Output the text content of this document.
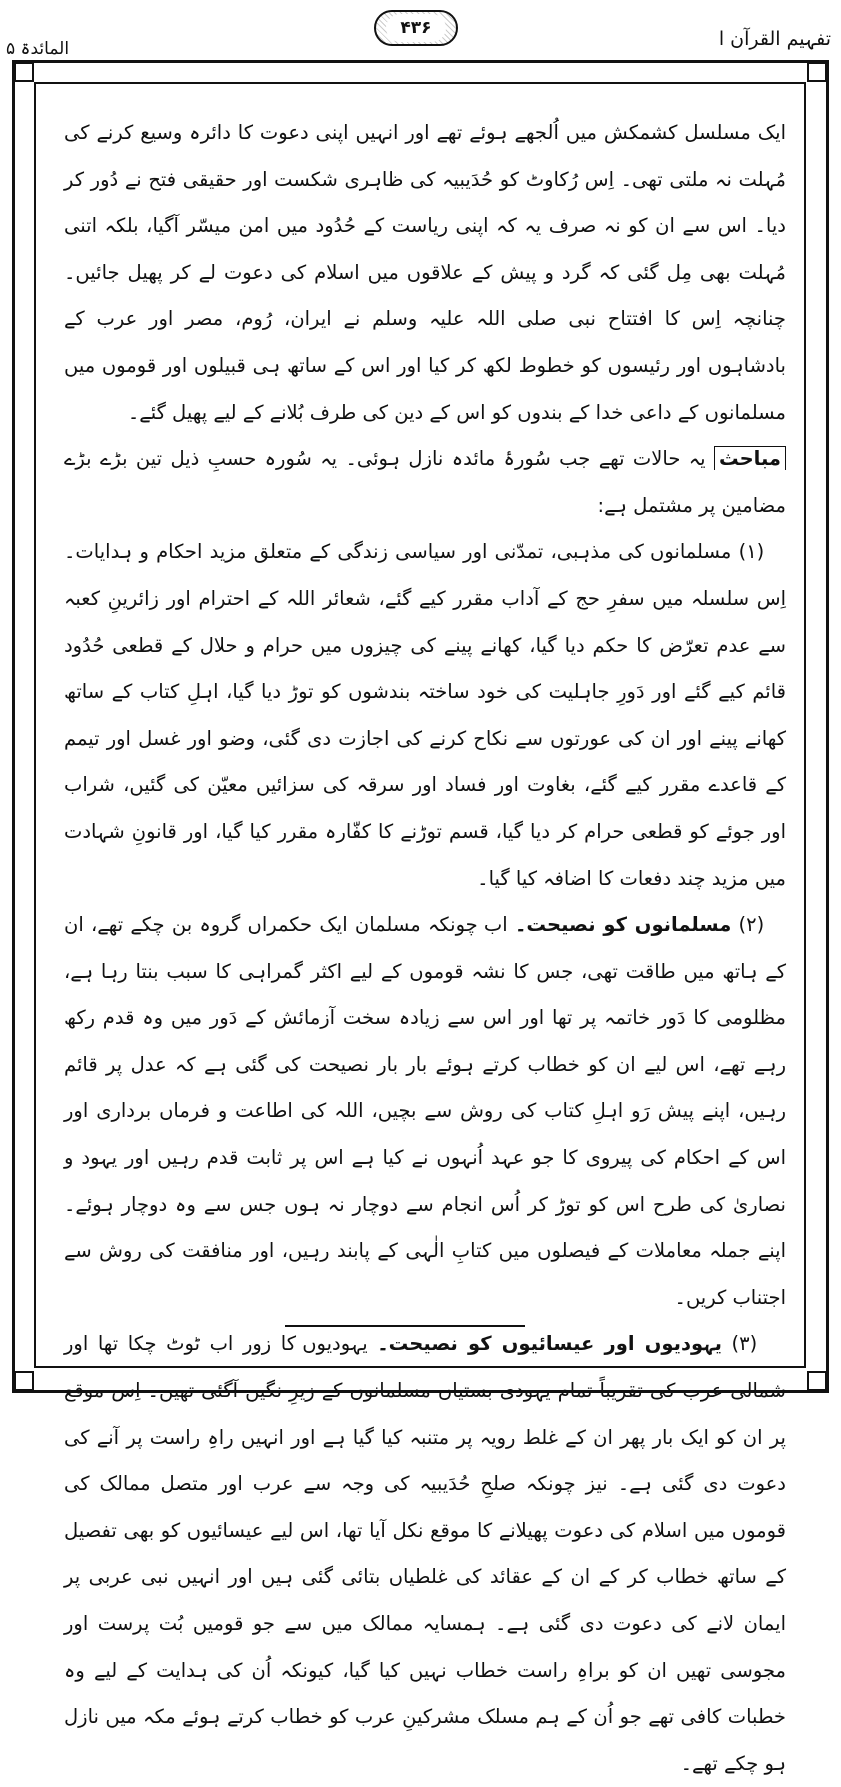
المائدۃ ۵	تفہیم القرآن ا
۴۳۶

ایک مسلسل کشمکش میں اُلجھے ہوئے تھے اور انہیں اپنی دعوت کا دائرہ وسیع کرنے کی مُہلت نہ ملتی تھی۔ اِس رُکاوٹ کو حُدَیبیہ کی ظاہری شکست اور حقیقی فتح نے دُور کر دیا۔ اس سے ان کو نہ صرف یہ کہ اپنی ریاست کے حُدُود میں امن میسّر آگیا، بلکہ اتنی مُہلت بھی مِل گئی کہ گرد و پیش کے علاقوں میں اسلام کی دعوت لے کر پھیل جائیں۔ چنانچہ اِس کا افتتاح نبی صلی اللہ علیہ وسلم نے ایران، رُوم، مصر اور عرب کے بادشاہوں اور رئیسوں کو خطوط لکھ کر کیا اور اس کے ساتھ ہی قبیلوں اور قوموں میں مسلمانوں کے داعی خدا کے بندوں کو اس کے دین کی طرف بُلانے کے لیے پھیل گئے۔

مباحث یہ حالات تھے جب سُورۂ مائدہ نازل ہوئی۔ یہ سُورہ حسبِ ذیل تین بڑے بڑے مضامین پر مشتمل ہے:

(۱) مسلمانوں کی مذہبی، تمدّنی اور سیاسی زندگی کے متعلق مزید احکام و ہدایات۔ اِس سلسلہ میں سفرِ حج کے آداب مقرر کیے گئے، شعائر اللہ کے احترام اور زائرینِ کعبہ سے عدم تعرّض کا حکم دیا گیا، کھانے پینے کی چیزوں میں حرام و حلال کے قطعی حُدُود قائم کیے گئے اور دَورِ جاہلیت کی خود ساختہ بندشوں کو توڑ دیا گیا، اہلِ کتاب کے ساتھ کھانے پینے اور ان کی عورتوں سے نکاح کرنے کی اجازت دی گئی، وضو اور غسل اور تیمم کے قاعدے مقرر کیے گئے، بغاوت اور فساد اور سرقہ کی سزائیں معیّن کی گئیں، شراب اور جوئے کو قطعی حرام کر دیا گیا، قسم توڑنے کا کفّارہ مقرر کیا گیا، اور قانونِ شہادت میں مزید چند دفعات کا اضافہ کیا گیا۔

(۲) مسلمانوں کو نصیحت۔ اب چونکہ مسلمان ایک حکمراں گروہ بن چکے تھے، ان کے ہاتھ میں طاقت تھی، جس کا نشہ قوموں کے لیے اکثر گمراہی کا سبب بنتا رہا ہے، مظلومی کا دَور خاتمہ پر تھا اور اس سے زیادہ سخت آزمائش کے دَور میں وہ قدم رکھ رہے تھے، اس لیے ان کو خطاب کرتے ہوئے بار بار نصیحت کی گئی ہے کہ عدل پر قائم رہیں، اپنے پیش رَو اہلِ کتاب کی روش سے بچیں، اللہ کی اطاعت و فرماں برداری اور اس کے احکام کی پیروی کا جو عہد اُنہوں نے کیا ہے اس پر ثابت قدم رہیں اور یہود و نصاریٰ کی طرح اس کو توڑ کر اُس انجام سے دوچار نہ ہوں جس سے وہ دوچار ہوئے۔ اپنے جملہ معاملات کے فیصلوں میں کتابِ الٰہی کے پابند رہیں، اور منافقت کی روش سے اجتناب کریں۔

(۳) یہودیوں اور عیسائیوں کو نصیحت۔ یہودیوں کا زور اب ٹوٹ چکا تھا اور شمالی عرب کی تقریباً تمام یہودی بستیاں مسلمانوں کے زیرِ نگیں آگئی تھیں۔ اِس موقع پر ان کو ایک بار پھر ان کے غلط رویہ پر متنبہ کیا گیا ہے اور انہیں راہِ راست پر آنے کی دعوت دی گئی ہے۔ نیز چونکہ صلحِ حُدَیبیہ کی وجہ سے عرب اور متصل ممالک کی قوموں میں اسلام کی دعوت پھیلانے کا موقع نکل آیا تھا، اس لیے عیسائیوں کو بھی تفصیل کے ساتھ خطاب کر کے ان کے عقائد کی غلطیاں بتائی گئی ہیں اور انہیں نبی عربی پر ایمان لانے کی دعوت دی گئی ہے۔ ہمسایہ ممالک میں سے جو قومیں بُت پرست اور مجوسی تھیں ان کو براہِ راست خطاب نہیں کیا گیا، کیونکہ اُن کی ہدایت کے لیے وہ خطبات کافی تھے جو اُن کے ہم مسلک مشرکینِ عرب کو خطاب کرتے ہوئے مکہ میں نازل ہو چکے تھے۔
